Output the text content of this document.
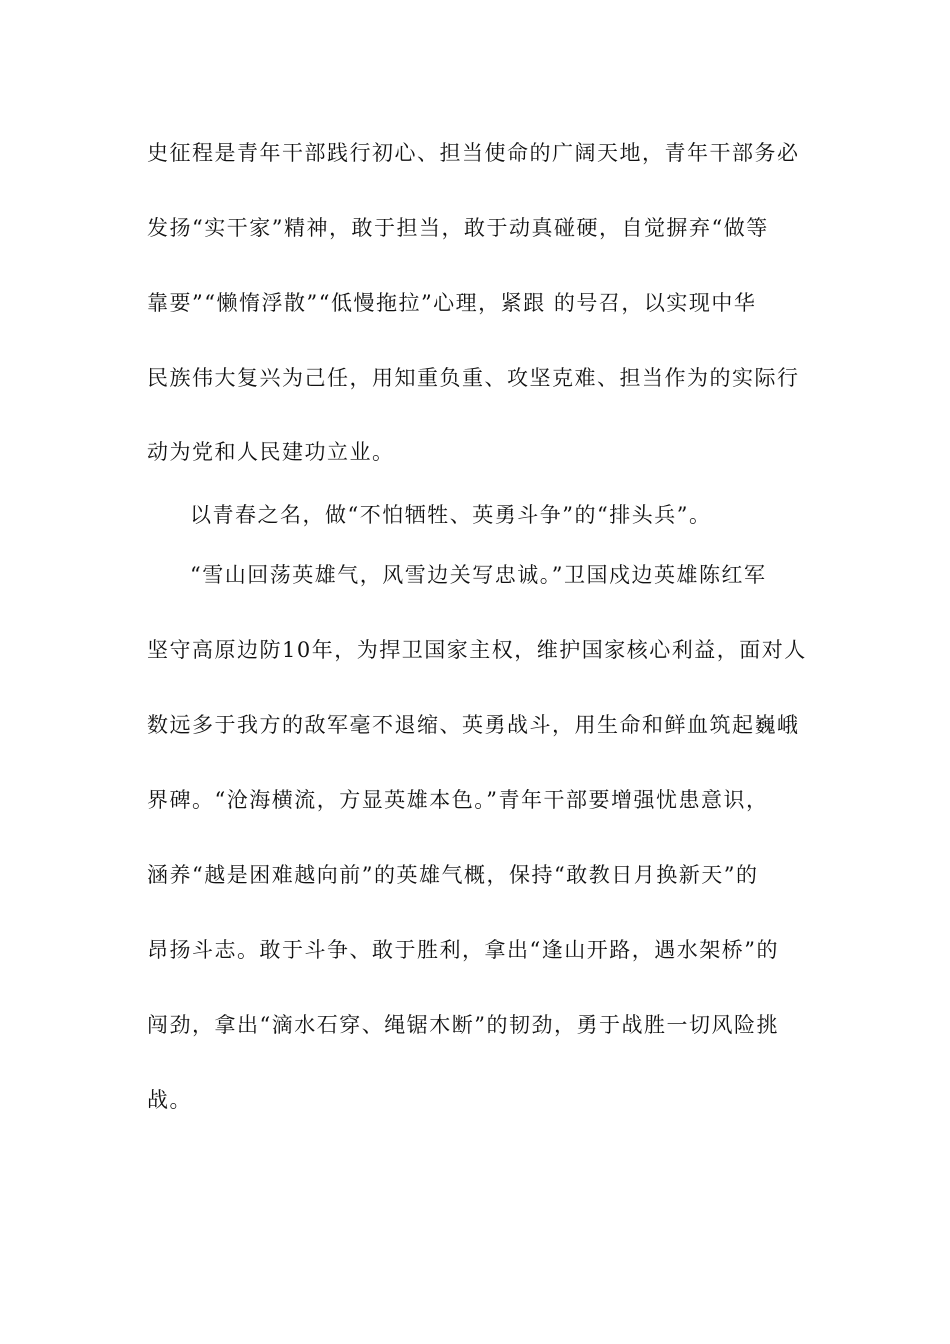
史征程是青年干部践行初心、担当使命的广阔天地，青年干部务必
发扬“实干家”精神，敢于担当，敢于动真碰硬，自觉摒弃“做等
靠要”“懒惰浮散”“低慢拖拉”心理，紧跟 的号召，以实现中华
民族伟大复兴为己任，用知重负重、攻坚克难、担当作为的实际行
动为党和人民建功立业。
以青春之名，做“不怕牺牲、英勇斗争”的“排头兵”。
“雪山回荡英雄气，风雪边关写忠诚。”卫国戍边英雄陈红军
坚守高原边防10年，为捍卫国家主权，维护国家核心利益，面对人
数远多于我方的敌军毫不退缩、英勇战斗，用生命和鲜血筑起巍峨
界碑。“沧海横流，方显英雄本色。”青年干部要增强忧患意识，
涵养“越是困难越向前”的英雄气概，保持“敢教日月换新天”的
昂扬斗志。敢于斗争、敢于胜利，拿出“逢山开路，遇水架桥”的
闯劲，拿出“滴水石穿、绳锯木断”的韧劲，勇于战胜一切风险挑
战。
